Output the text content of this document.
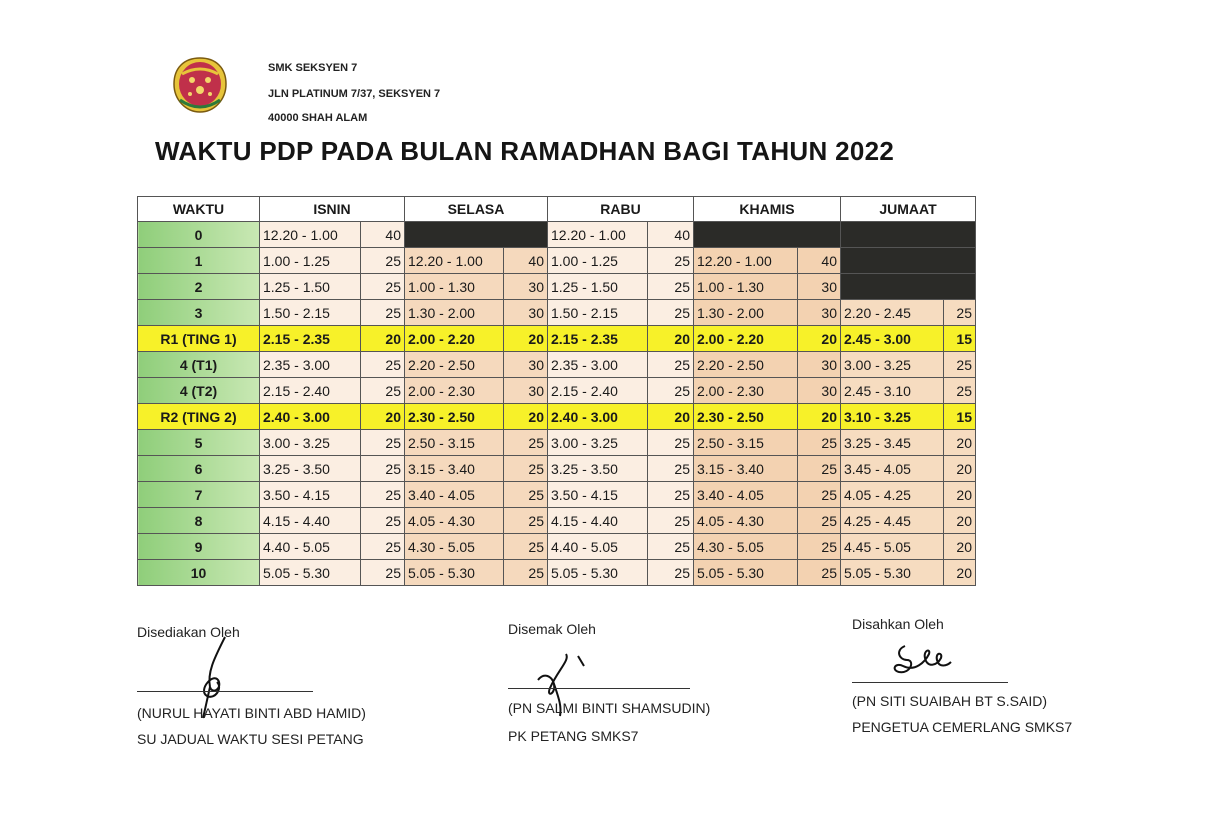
SMK SEKSYEN 7
JLN PLATINUM 7/37, SEKSYEN 7
40000 SHAH ALAM
WAKTU PDP PADA BULAN RAMADHAN BAGI TAHUN 2022
WAKTU	ISNIN		SELASA		RABU		KHAMIS		JUMAAT	
0	12.20 - 1.00	40			12.20 - 1.00	40				
1	1.00 - 1.25	25	12.20 - 1.00	40	1.00 - 1.25	25	12.20 - 1.00	40		
2	1.25 - 1.50	25	1.00 - 1.30	30	1.25 - 1.50	25	1.00 - 1.30	30		
3	1.50 - 2.15	25	1.30 - 2.00	30	1.50 - 2.15	25	1.30 - 2.00	30	2.20 - 2.45	25
R1 (TING 1)	2.15 - 2.35	20	2.00 - 2.20	20	2.15 - 2.35	20	2.00 - 2.20	20	2.45 - 3.00	15
4 (T1)	2.35 - 3.00	25	2.20 - 2.50	30	2.35 - 3.00	25	2.20 - 2.50	30	3.00 - 3.25	25
4 (T2)	2.15 - 2.40	25	2.00 - 2.30	30	2.15 - 2.40	25	2.00 - 2.30	30	2.45 - 3.10	25
R2 (TING 2)	2.40 - 3.00	20	2.30 - 2.50	20	2.40 - 3.00	20	2.30 - 2.50	20	3.10 - 3.25	15
5	3.00 - 3.25	25	2.50 - 3.15	25	3.00 - 3.25	25	2.50 - 3.15	25	3.25 - 3.45	20
6	3.25 - 3.50	25	3.15 - 3.40	25	3.25 - 3.50	25	3.15 - 3.40	25	3.45 - 4.05	20
7	3.50 - 4.15	25	3.40 - 4.05	25	3.50 - 4.15	25	3.40 - 4.05	25	4.05 - 4.25	20
8	4.15 - 4.40	25	4.05 - 4.30	25	4.15 - 4.40	25	4.05 - 4.30	25	4.25 - 4.45	20
9	4.40 - 5.05	25	4.30 - 5.05	25	4.40 - 5.05	25	4.30 - 5.05	25	4.45 - 5.05	20
10	5.05 - 5.30	25	5.05 - 5.30	25	5.05 - 5.30	25	5.05 - 5.30	25	5.05 - 5.30	20
Disediakan Oleh
(NURUL HAYATI BINTI ABD HAMID)
SU JADUAL WAKTU SESI PETANG
Disemak Oleh
(PN SALMI BINTI SHAMSUDIN)
PK PETANG SMKS7
Disahkan Oleh
(PN SITI SUAIBAH BT S.SAID)
PENGETUA CEMERLANG SMKS7
